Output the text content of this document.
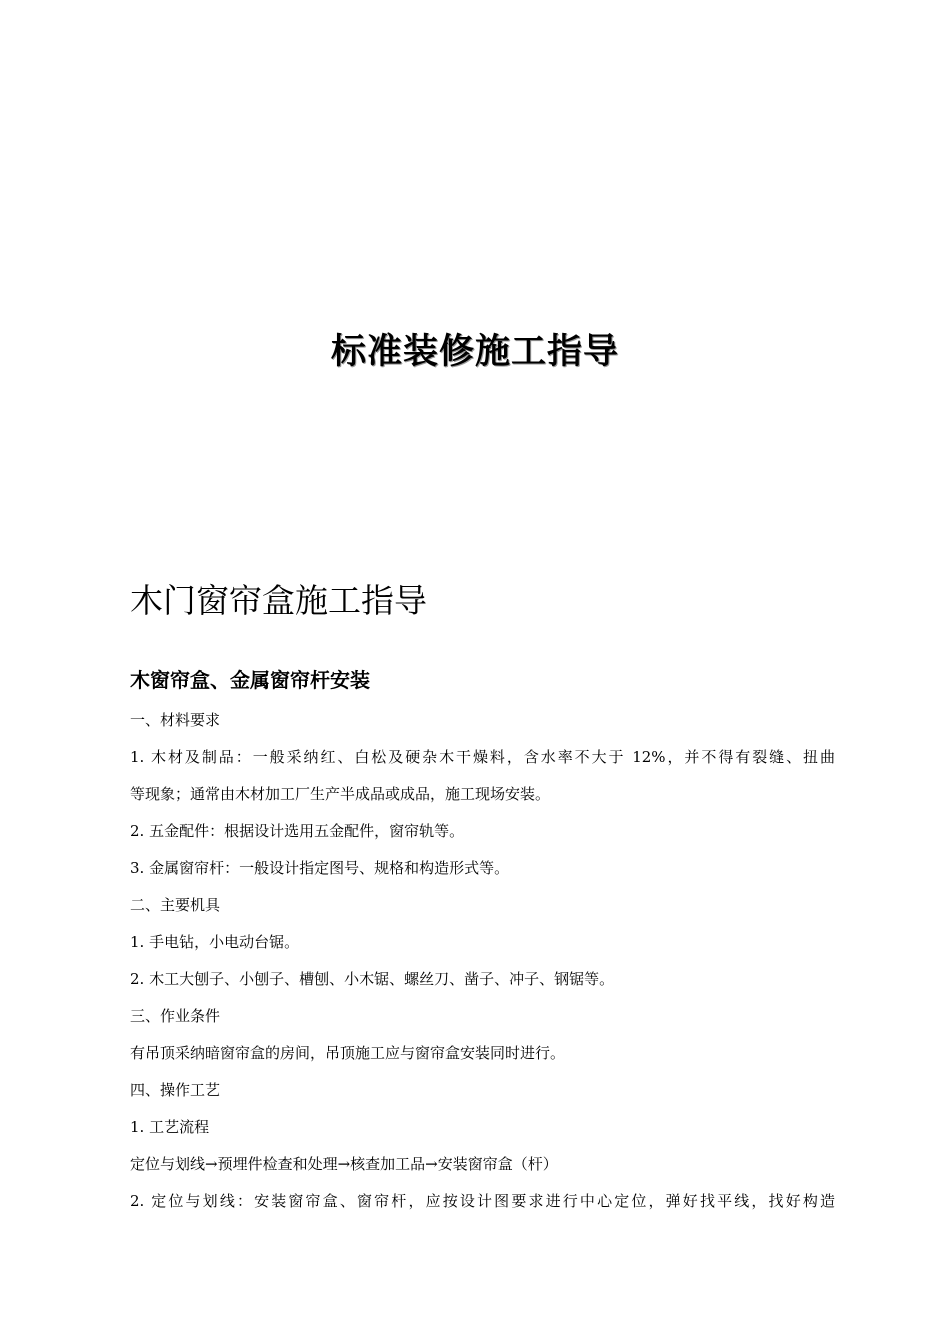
标准装修施工指导
木门窗帘盒施工指导
木窗帘盒、金属窗帘杆安装

一、材料要求

1. 木材及制品：一般采纳红、白松及硬杂木干燥料，含水率不大于 12%，并不得有裂缝、扭曲

等现象；通常由木材加工厂生产半成品或成品，施工现场安装。

2. 五金配件：根据设计选用五金配件，窗帘轨等。

3. 金属窗帘杆：一般设计指定图号、规格和构造形式等。

二、主要机具

1. 手电钻，小电动台锯。

2. 木工大刨子、小刨子、槽刨、小木锯、螺丝刀、凿子、冲子、钢锯等。

三、作业条件

有吊顶采纳暗窗帘盒的房间，吊顶施工应与窗帘盒安装同时进行。

四、操作工艺

1. 工艺流程

定位与划线→预埋件检查和处理→核查加工品→安装窗帘盒（杆）

2. 定位与划线：安装窗帘盒、窗帘杆，应按设计图要求进行中心定位，弹好找平线，找好构造
